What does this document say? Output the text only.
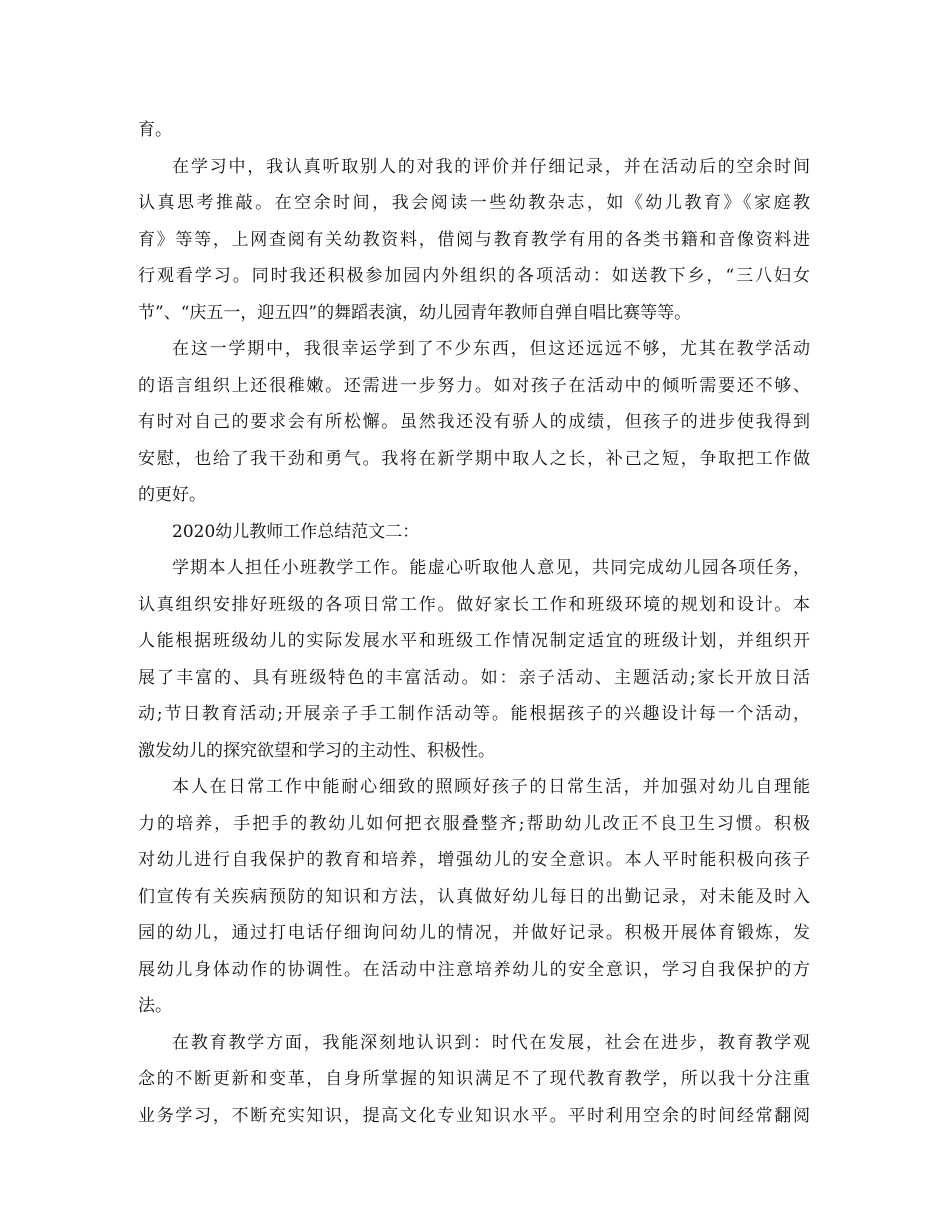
育。
在学习中，我认真听取别人的对我的评价并仔细记录，并在活动后的空余时间
认真思考推敲。在空余时间，我会阅读一些幼教杂志，如《幼儿教育》《家庭教
育》等等，上网查阅有关幼教资料，借阅与教育教学有用的各类书籍和音像资料进
行观看学习。同时我还积极参加园内外组织的各项活动：如送教下乡，“三八妇女
节”、“庆五一，迎五四”的舞蹈表演，幼儿园青年教师自弹自唱比赛等等。
在这一学期中，我很幸运学到了不少东西，但这还远远不够，尤其在教学活动
的语言组织上还很稚嫩。还需进一步努力。如对孩子在活动中的倾听需要还不够、
有时对自己的要求会有所松懈。虽然我还没有骄人的成绩，但孩子的进步使我得到
安慰，也给了我干劲和勇气。我将在新学期中取人之长，补己之短，争取把工作做
的更好。
2020幼儿教师工作总结范文二：
学期本人担任小班教学工作。能虚心听取他人意见，共同完成幼儿园各项任务，
认真组织安排好班级的各项日常工作。做好家长工作和班级环境的规划和设计。本
人能根据班级幼儿的实际发展水平和班级工作情况制定适宜的班级计划，并组织开
展了丰富的、具有班级特色的丰富活动。如：亲子活动、主题活动;家长开放日活
动;节日教育活动;开展亲子手工制作活动等。能根据孩子的兴趣设计每一个活动，
激发幼儿的探究欲望和学习的主动性、积极性。
本人在日常工作中能耐心细致的照顾好孩子的日常生活，并加强对幼儿自理能
力的培养，手把手的教幼儿如何把衣服叠整齐;帮助幼儿改正不良卫生习惯。积极
对幼儿进行自我保护的教育和培养，增强幼儿的安全意识。本人平时能积极向孩子
们宣传有关疾病预防的知识和方法，认真做好幼儿每日的出勤记录，对未能及时入
园的幼儿，通过打电话仔细询问幼儿的情况，并做好记录。积极开展体育锻炼，发
展幼儿身体动作的协调性。在活动中注意培养幼儿的安全意识，学习自我保护的方
法。
在教育教学方面，我能深刻地认识到：时代在发展，社会在进步，教育教学观
念的不断更新和变革，自身所掌握的知识满足不了现代教育教学，所以我十分注重
业务学习，不断充实知识，提高文化专业知识水平。平时利用空余的时间经常翻阅
